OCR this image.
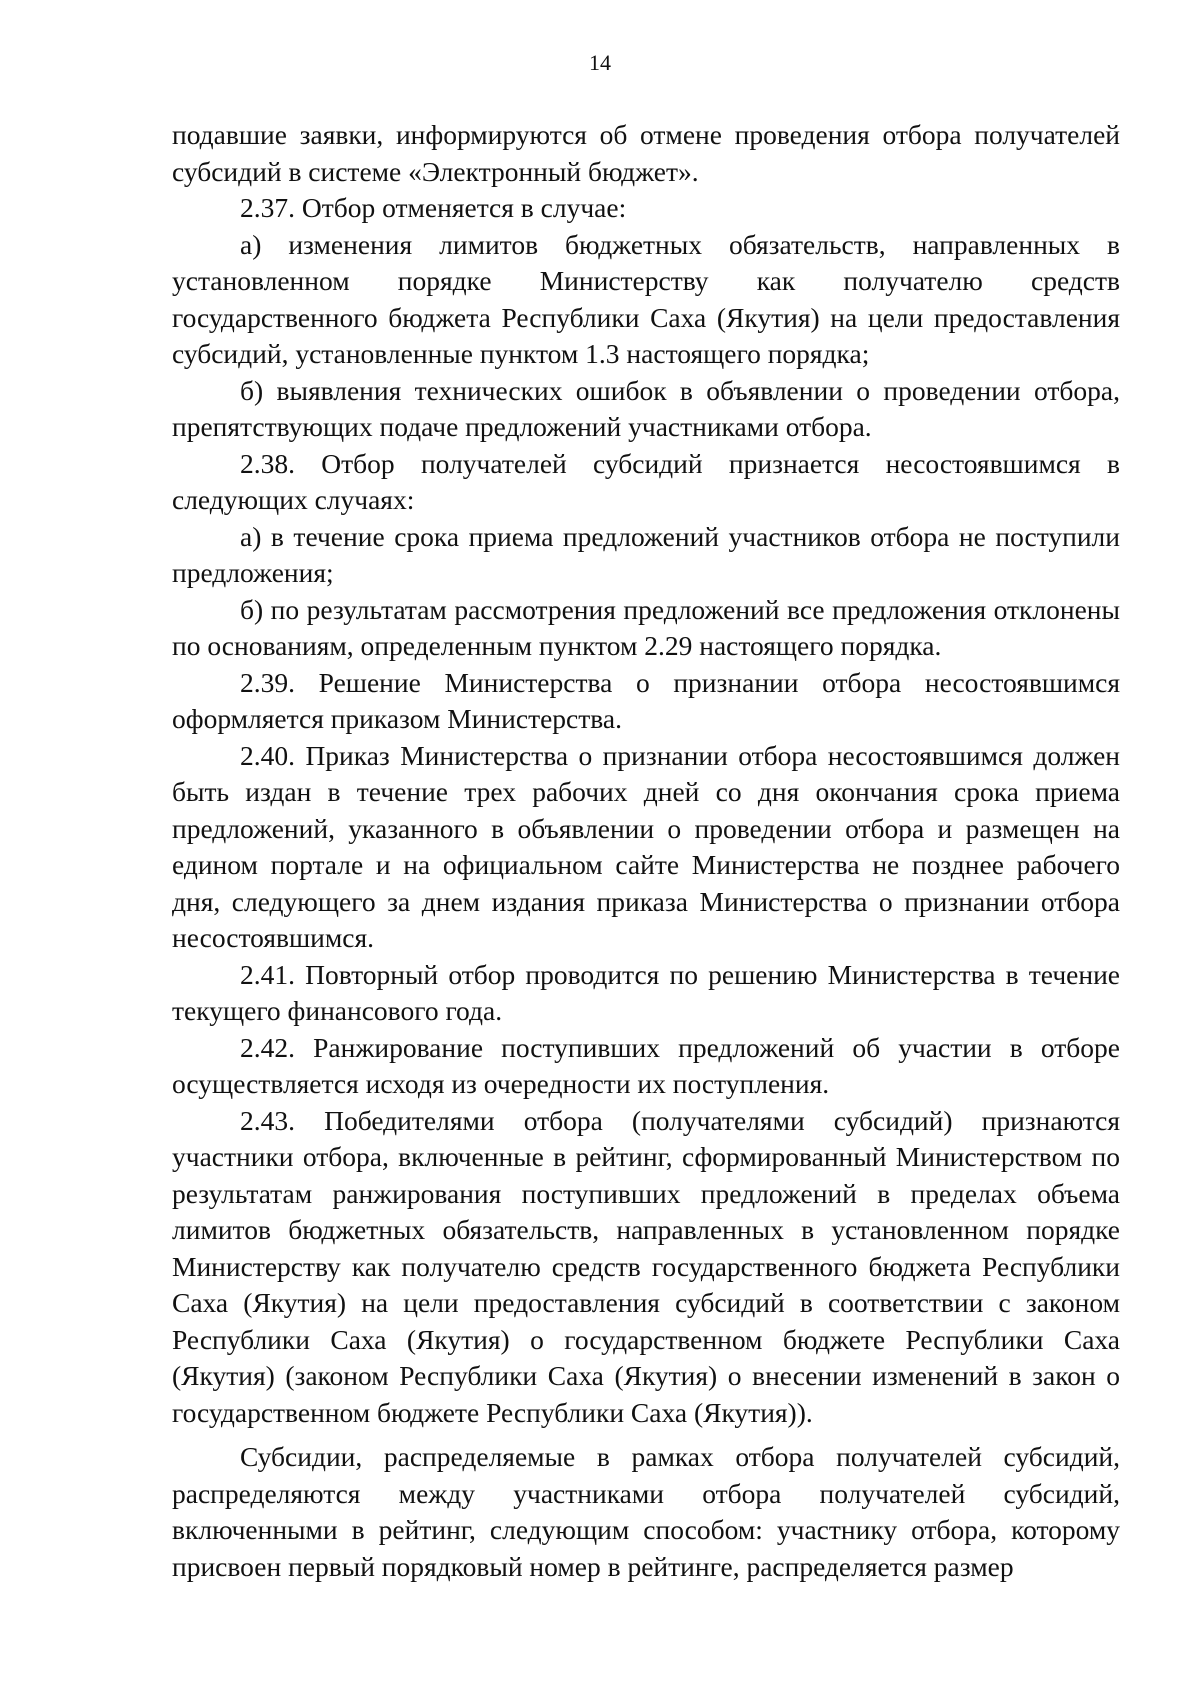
14

подавшие заявки, информируются об отмене проведения отбора получателей субсидий в системе «Электронный бюджет».

2.37. Отбор отменяется в случае:

а) изменения лимитов бюджетных обязательств, направленных в установленном порядке Министерству как получателю средств государственного бюджета Республики Саха (Якутия) на цели предоставления субсидий, установленные пунктом 1.3 настоящего порядка;

б) выявления технических ошибок в объявлении о проведении отбора, препятствующих подаче предложений участниками отбора.

2.38. Отбор получателей субсидий признается несостоявшимся в следующих случаях:

а) в течение срока приема предложений участников отбора не поступили предложения;

б) по результатам рассмотрения предложений все предложения отклонены по основаниям, определенным пунктом 2.29 настоящего порядка.

2.39. Решение Министерства о признании отбора несостоявшимся оформляется приказом Министерства.

2.40. Приказ Министерства о признании отбора несостоявшимся должен быть издан в течение трех рабочих дней со дня окончания срока приема предложений, указанного в объявлении о проведении отбора и размещен на едином портале и на официальном сайте Министерства не позднее рабочего дня, следующего за днем издания приказа Министерства о признании отбора несостоявшимся.

2.41. Повторный отбор проводится по решению Министерства в течение текущего финансового года.

2.42. Ранжирование поступивших предложений об участии в отборе осуществляется исходя из очередности их поступления.

2.43. Победителями отбора (получателями субсидий) признаются участники отбора, включенные в рейтинг, сформированный Министерством по результатам ранжирования поступивших предложений в пределах объема лимитов бюджетных обязательств, направленных в установленном порядке Министерству как получателю средств государственного бюджета Республики Саха (Якутия) на цели предоставления субсидий в соответствии с законом Республики Саха (Якутия) о государственном бюджете Республики Саха (Якутия) (законом Республики Саха (Якутия) о внесении изменений в закон о государственном бюджете Республики Саха (Якутия)).

Субсидии, распределяемые в рамках отбора получателей субсидий, распределяются между участниками отбора получателей субсидий, включенными в рейтинг, следующим способом: участнику отбора, которому присвоен первый порядковый номер в рейтинге, распределяется размер
